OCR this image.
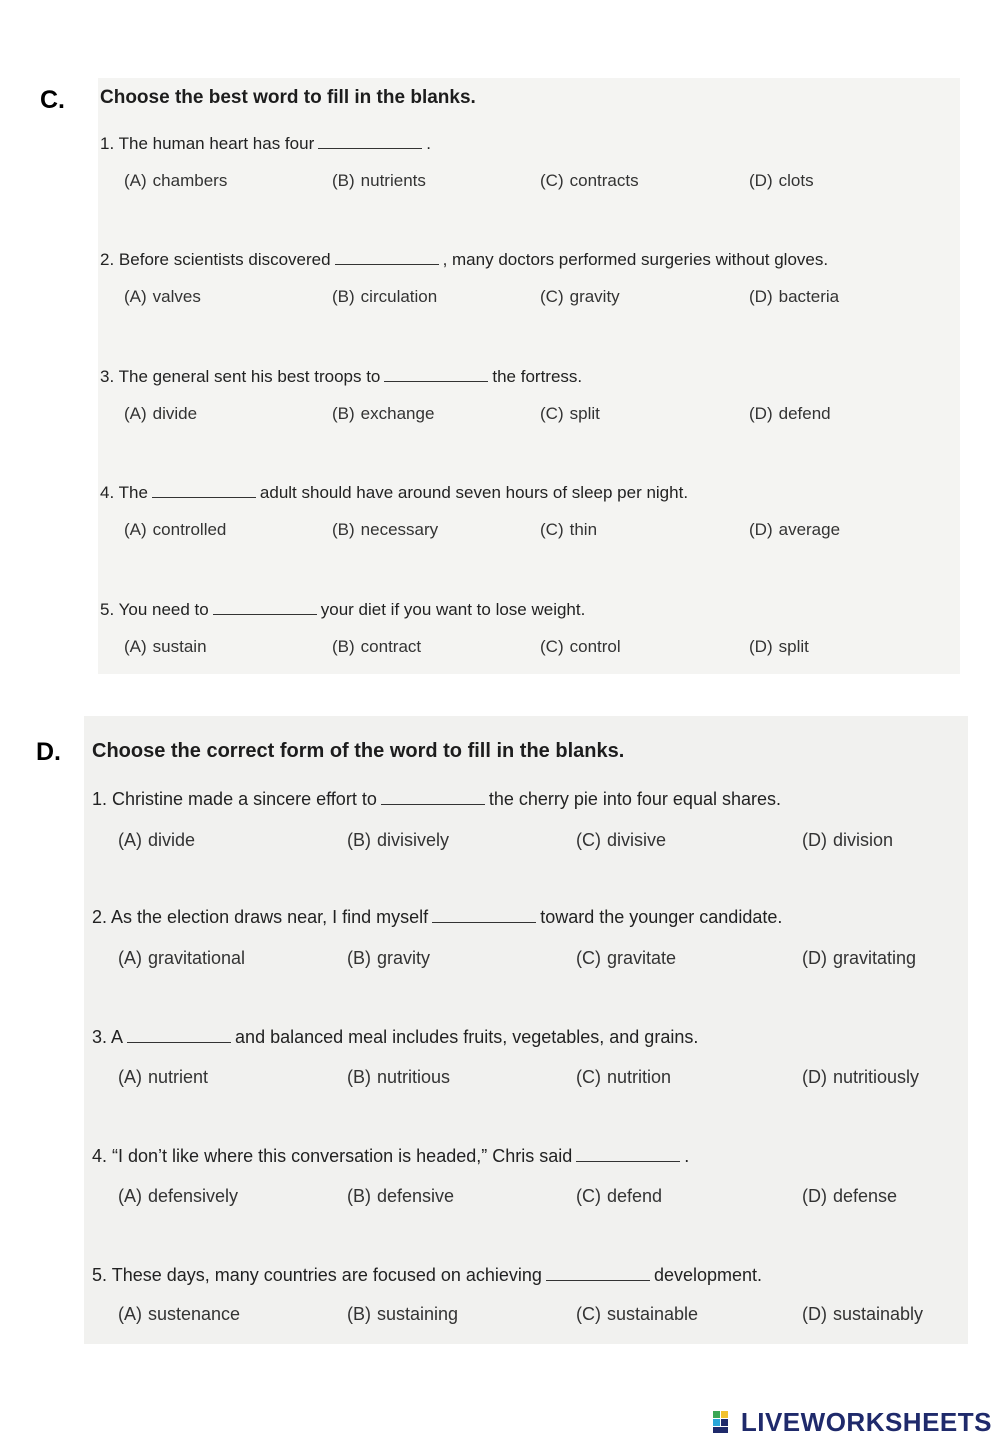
C. Choose the best word to fill in the blanks.
1. The human heart has four	.
(A) chambers	(B) nutrients	(C) contracts	(D) clots
2. Before scientists discovered	, many doctors performed surgeries without gloves.
(A) valves	(B) circulation	(C) gravity	(D) bacteria
3. The general sent his best troops to	the fortress.
(A) divide	(B) exchange	(C) split	(D) defend
4. The	adult should have around seven hours of sleep per night.
(A) controlled	(B) necessary	(C) thin	(D) average
5. You need to	your diet if you want to lose weight.
(A) sustain	(B) contract	(C) control	(D) split
D. Choose the correct form of the word to fill in the blanks.
1. Christine made a sincere effort to	the cherry pie into four equal shares.
(A) divide	(B) divisively	(C) divisive	(D) division
2. As the election draws near, I find myself	toward the younger candidate.
(A) gravitational	(B) gravity	(C) gravitate	(D) gravitating
3. A	and balanced meal includes fruits, vegetables, and grains.
(A) nutrient	(B) nutritious	(C) nutrition	(D) nutritiously
4. “I don’t like where this conversation is headed,” Chris said	.
(A) defensively	(B) defensive	(C) defend	(D) defense
5. These days, many countries are focused on achieving	development.
(A) sustenance	(B) sustaining	(C) sustainable	(D) sustainably
LIVEWORKSHEETS
